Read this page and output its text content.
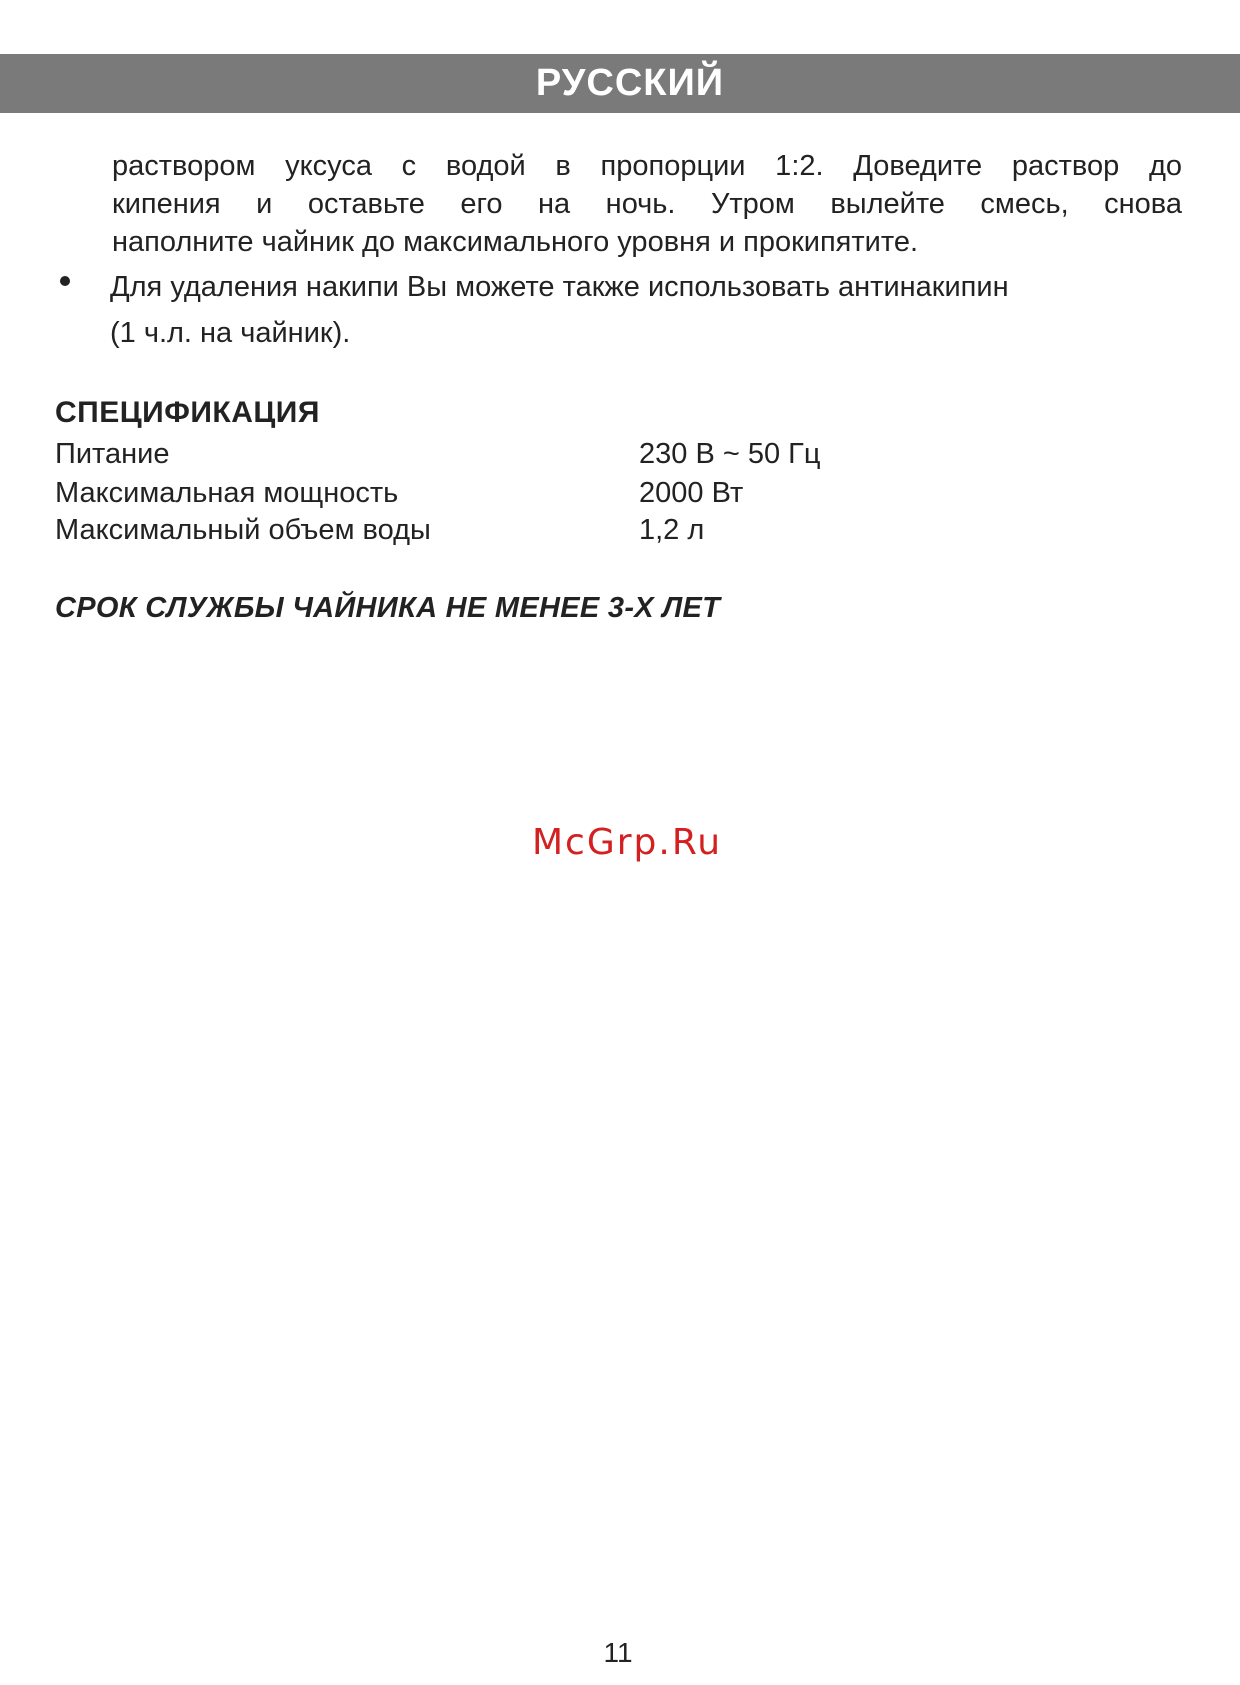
РУССКИЙ
раствором уксуса с водой в пропорции 1:2. Доведите раствор до
кипения и оставьте его на ночь. Утром вылейте смесь, снова
наполните чайник до максимального уровня и прокипятите.
Для удаления накипи Вы можете также использовать антинакипин
(1 ч.л. на чайник).
СПЕЦИФИКАЦИЯ
Питание	230 В ~ 50 Гц
Максимальная мощность	2000 Вт
Максимальный объем воды	1,2 л
СРОК СЛУЖБЫ ЧАЙНИКА НЕ МЕНЕЕ 3-Х ЛЕТ
McGrp.Ru
11
